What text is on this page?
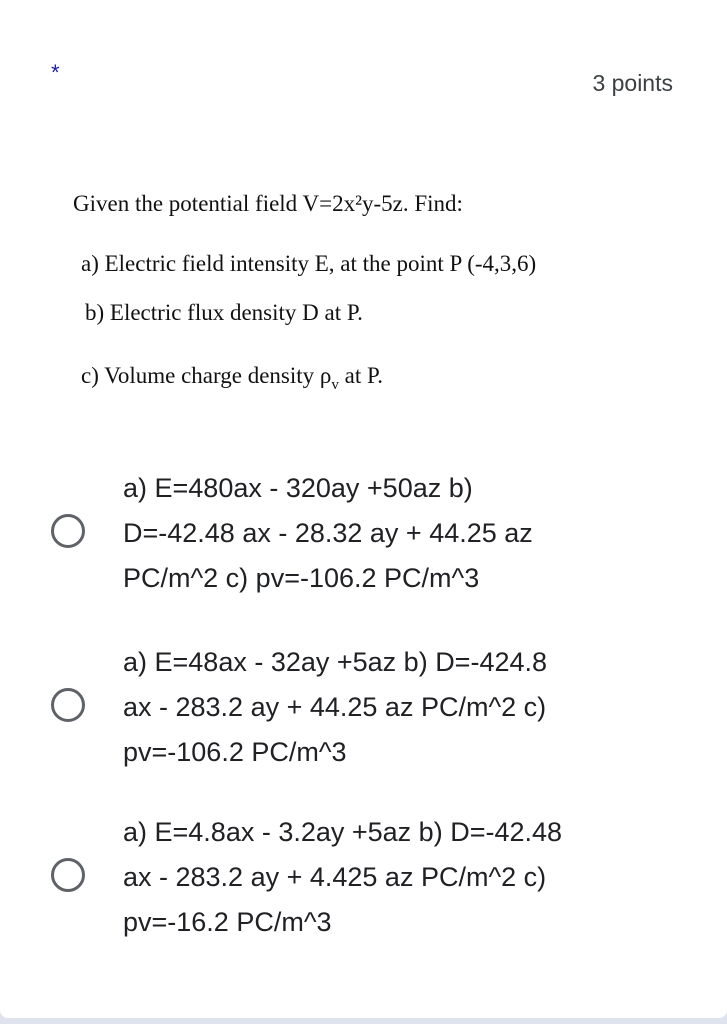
*	3 points
Given the potential field V=2x²y-5z. Find:
a) Electric field intensity E, at the point P (-4,3,6)
b) Electric flux density D at P.
c) Volume charge density $\rho_v$ at P.
a) E=480ax - 320ay +50az b)
D=-42.48 ax - 28.32 ay + 44.25 az
PC/m^2 c) pv=-106.2 PC/m^3
a) E=48ax - 32ay +5az b) D=-424.8
ax - 283.2 ay + 44.25 az PC/m^2 c)
pv=-106.2 PC/m^3
a) E=4.8ax - 3.2ay +5az b) D=-42.48
ax - 283.2 ay + 4.425 az PC/m^2 c)
pv=-16.2 PC/m^3
